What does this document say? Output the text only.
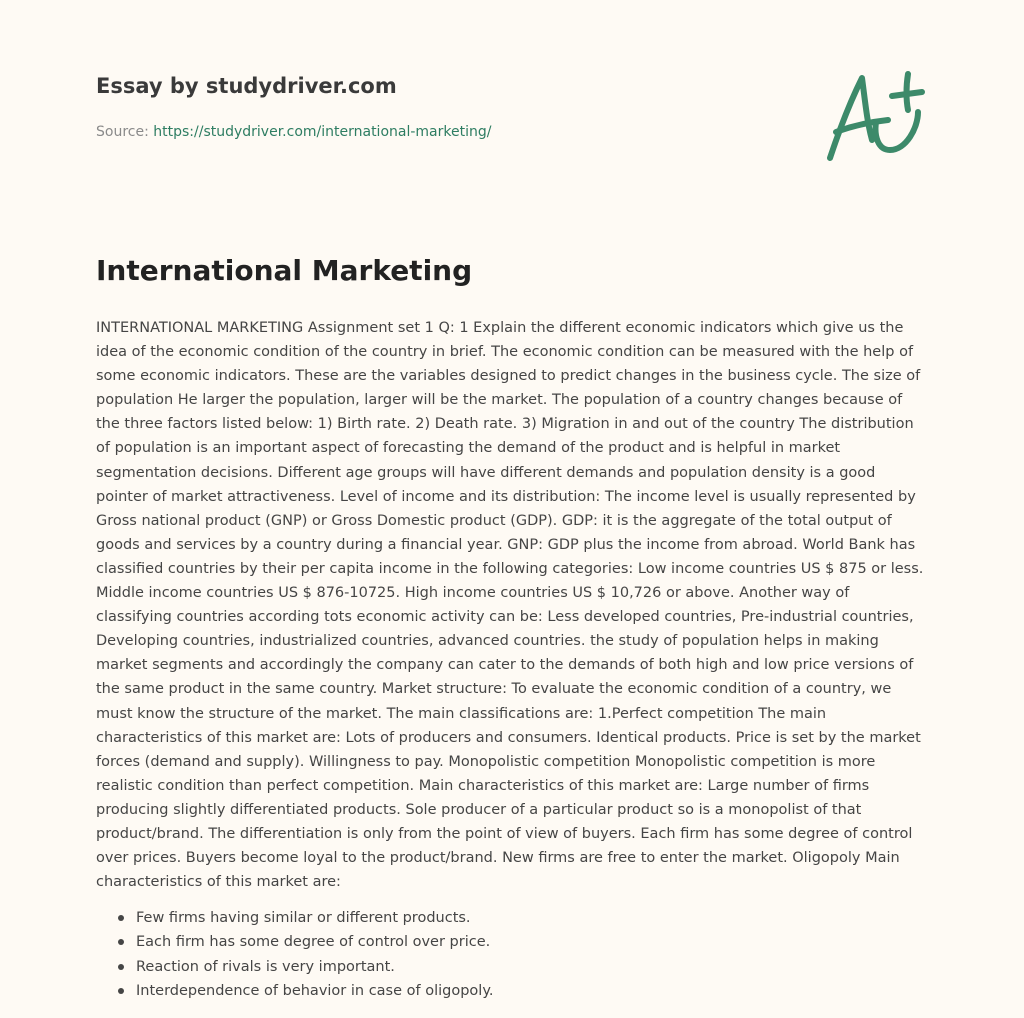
Essay by studydriver.com
Source: https://studydriver.com/international-marketing/
International Marketing

INTERNATIONAL MARKETING Assignment set 1 Q: 1 Explain the different economic indicators which give us the idea of the economic condition of the country in brief. The economic condition can be measured with the help of some economic indicators. These are the variables designed to predict changes in the business cycle. The size of population He larger the population, larger will be the market. The population of a country changes because of the three factors listed below: 1) Birth rate. 2) Death rate. 3) Migration in and out of the country The distribution of population is an important aspect of forecasting the demand of the product and is helpful in market segmentation decisions. Different age groups will have different demands and population density is a good pointer of market attractiveness. Level of income and its distribution: The income level is usually represented by Gross national product (GNP) or Gross Domestic product (GDP). GDP: it is the aggregate of the total output of goods and services by a country during a financial year. GNP: GDP plus the income from abroad. World Bank has classified countries by their per capita income in the following categories: Low income countries US $ 875 or less. Middle income countries US $ 876-10725. High income countries US $ 10,726 or above. Another way of classifying countries according tots economic activity can be: Less developed countries, Pre-industrial countries, Developing countries, industrialized countries, advanced countries. the study of population helps in making market segments and accordingly the company can cater to the demands of both high and low price versions of the same product in the same country. Market structure: To evaluate the economic condition of a country, we must know the structure of the market. The main classifications are: 1.Perfect competition The main characteristics of this market are: Lots of producers and consumers. Identical products. Price is set by the market forces (demand and supply). Willingness to pay. Monopolistic competition Monopolistic competition is more realistic condition than perfect competition. Main characteristics of this market are: Large number of firms producing slightly differentiated products. Sole producer of a particular product so is a monopolist of that product/brand. The differentiation is only from the point of view of buyers. Each firm has some degree of control over prices. Buyers become loyal to the product/brand. New firms are free to enter the market. Oligopoly Main characteristics of this market are:

Few firms having similar or different products.
Each firm has some degree of control over price.
Reaction of rivals is very important.
Interdependence of behavior in case of oligopoly.
